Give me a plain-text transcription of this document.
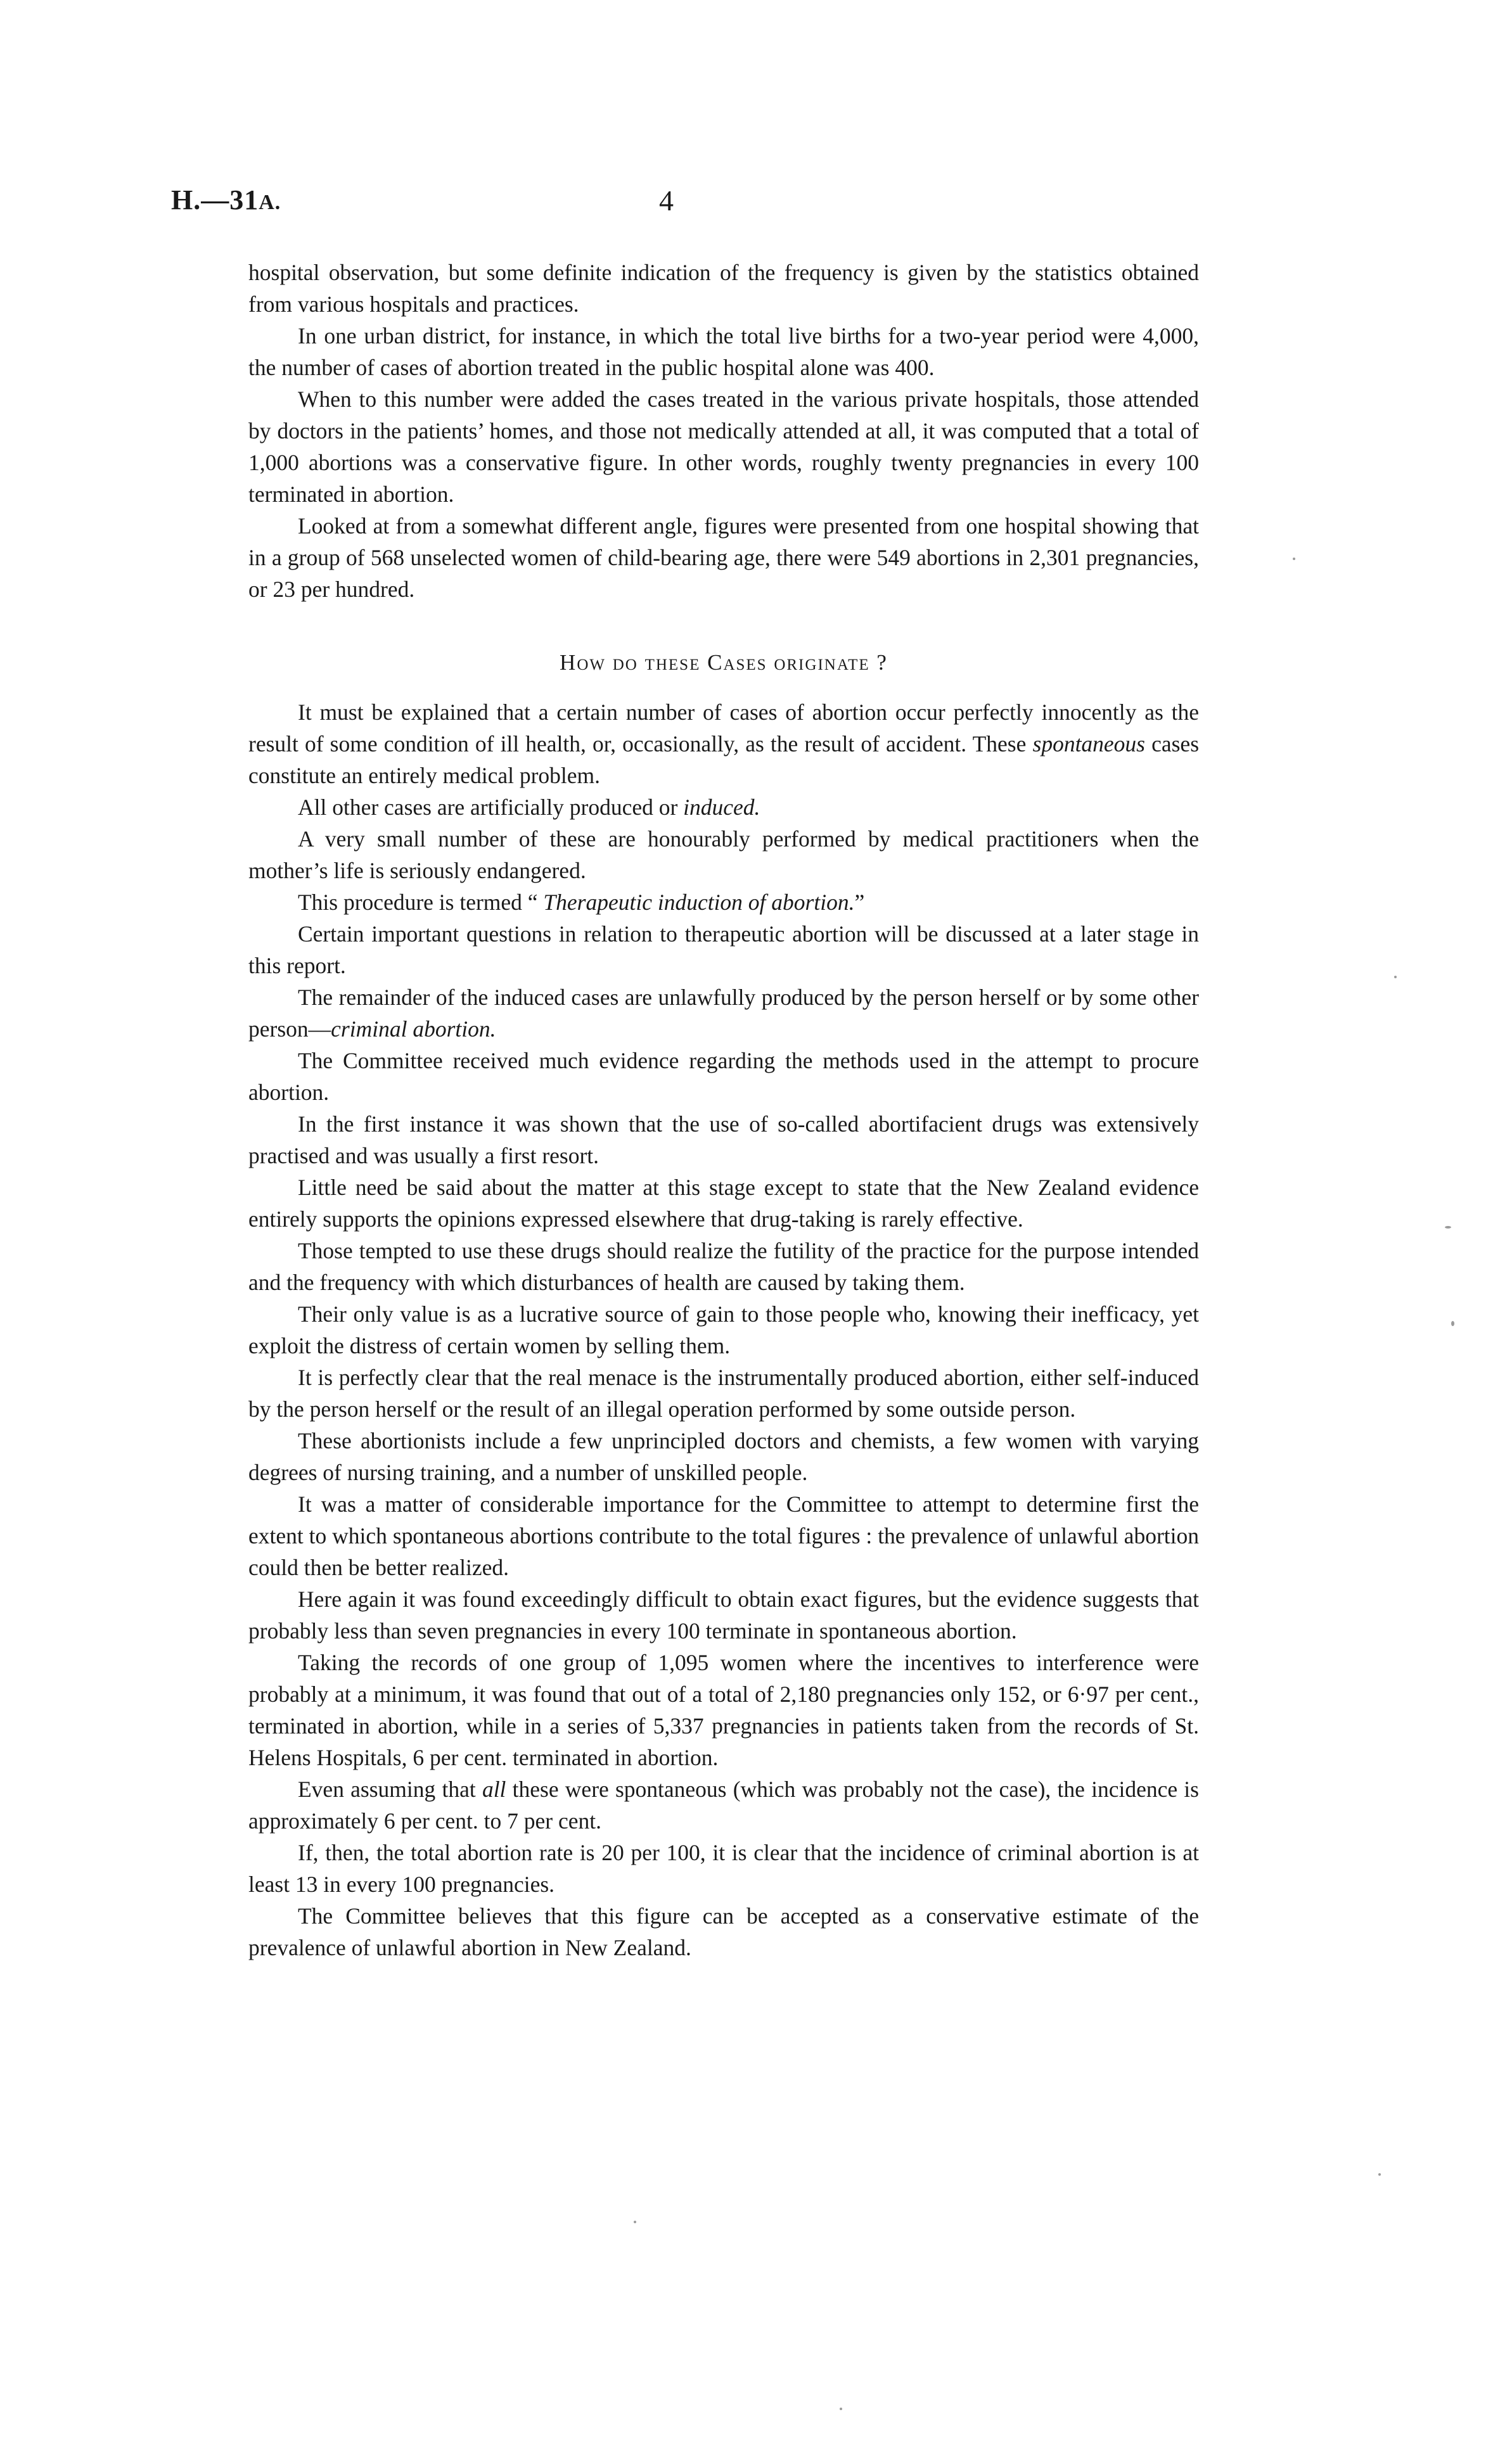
H.—31A.	4

hospital observation, but some definite indication of the frequency is given by the statistics obtained from various hospitals and practices.

In one urban district, for instance, in which the total live births for a two-year period were 4,000, the number of cases of abortion treated in the public hospital alone was 400.

When to this number were added the cases treated in the various private hospitals, those attended by doctors in the patients’ homes, and those not medically attended at all, it was computed that a total of 1,000 abortions was a conservative figure. In other words, roughly twenty pregnancies in every 100 terminated in abortion.

Looked at from a somewhat different angle, figures were presented from one hospital showing that in a group of 568 unselected women of child-bearing age, there were 549 abortions in 2,301 pregnancies, or 23 per hundred.

How do these Cases originate ?

It must be explained that a certain number of cases of abortion occur perfectly innocently as the result of some condition of ill health, or, occasionally, as the result of accident. These spontaneous cases constitute an entirely medical problem.

All other cases are artificially produced or induced.

A very small number of these are honourably performed by medical practitioners when the mother’s life is seriously endangered.

This procedure is termed “ Therapeutic induction of abortion.”

Certain important questions in relation to therapeutic abortion will be discussed at a later stage in this report.

The remainder of the induced cases are unlawfully produced by the person herself or by some other person—criminal abortion.

The Committee received much evidence regarding the methods used in the attempt to procure abortion.

In the first instance it was shown that the use of so-called abortifacient drugs was extensively practised and was usually a first resort.

Little need be said about the matter at this stage except to state that the New Zealand evidence entirely supports the opinions expressed elsewhere that drug-taking is rarely effective.

Those tempted to use these drugs should realize the futility of the practice for the purpose intended and the frequency with which disturbances of health are caused by taking them.

Their only value is as a lucrative source of gain to those people who, knowing their inefficacy, yet exploit the distress of certain women by selling them.

It is perfectly clear that the real menace is the instrumentally produced abortion, either self-induced by the person herself or the result of an illegal operation performed by some outside person.

These abortionists include a few unprincipled doctors and chemists, a few women with varying degrees of nursing training, and a number of unskilled people.

It was a matter of considerable importance for the Committee to attempt to determine first the extent to which spontaneous abortions contribute to the total figures : the prevalence of unlawful abortion could then be better realized.

Here again it was found exceedingly difficult to obtain exact figures, but the evidence suggests that probably less than seven pregnancies in every 100 terminate in spontaneous abortion.

Taking the records of one group of 1,095 women where the incentives to interference were probably at a minimum, it was found that out of a total of 2,180 pregnancies only 152, or 6·97 per cent., terminated in abortion, while in a series of 5,337 pregnancies in patients taken from the records of St. Helens Hospitals, 6 per cent. terminated in abortion.

Even assuming that all these were spontaneous (which was probably not the case), the incidence is approximately 6 per cent. to 7 per cent.

If, then, the total abortion rate is 20 per 100, it is clear that the incidence of criminal abortion is at least 13 in every 100 pregnancies.

The Committee believes that this figure can be accepted as a conservative estimate of the prevalence of unlawful abortion in New Zealand.
